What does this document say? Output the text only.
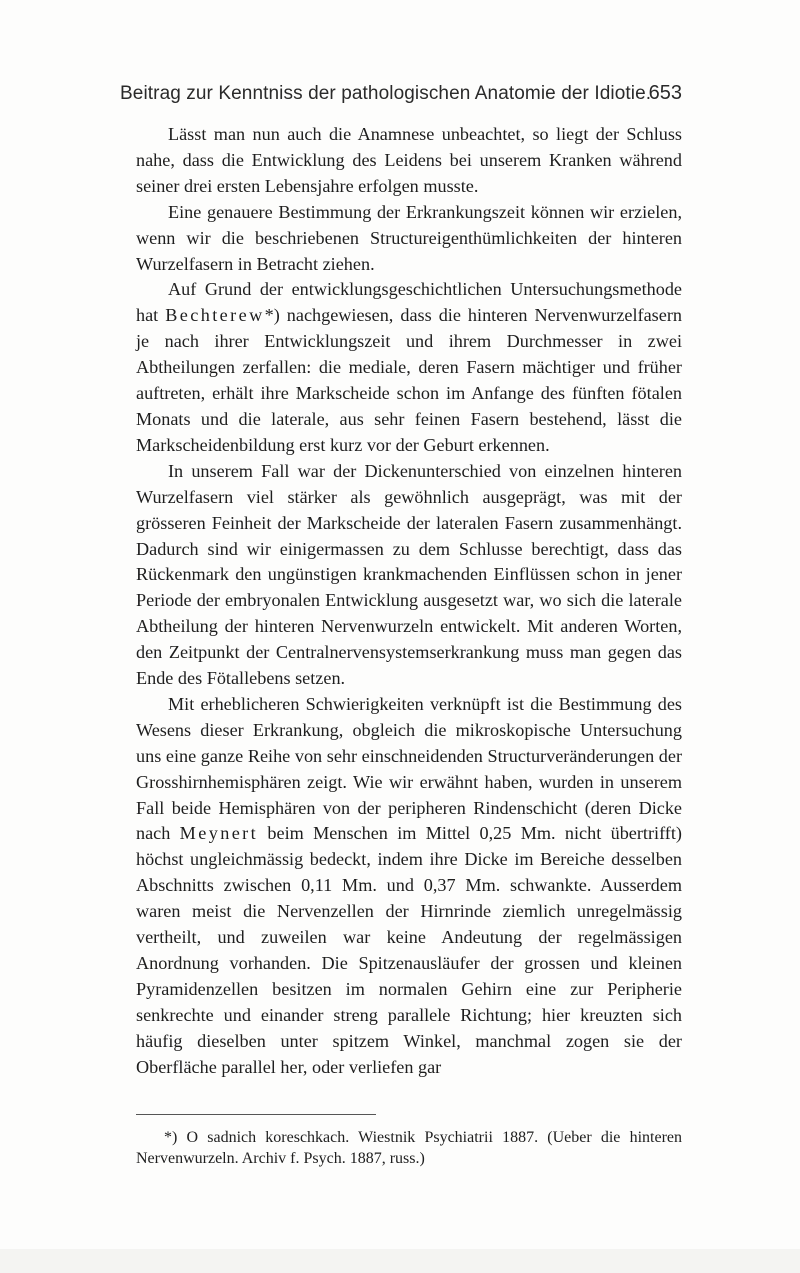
Beitrag zur Kenntniss der pathologischen Anatomie der Idiotie.
653

Lässt man nun auch die Anamnese unbeachtet, so liegt der Schluss nahe, dass die Entwicklung des Leidens bei unserem Kranken während seiner drei ersten Lebensjahre erfolgen musste.

Eine genauere Bestimmung der Erkrankungszeit können wir erzielen, wenn wir die beschriebenen Structureigenthümlichkeiten der hinteren Wurzelfasern in Betracht ziehen.

Auf Grund der entwicklungsgeschichtlichen Untersuchungsmethode hat Bechterew*) nachgewiesen, dass die hinteren Nervenwurzelfasern je nach ihrer Entwicklungszeit und ihrem Durchmesser in zwei Abtheilungen zerfallen: die mediale, deren Fasern mächtiger und früher auftreten, erhält ihre Markscheide schon im Anfange des fünften fötalen Monats und die laterale, aus sehr feinen Fasern bestehend, lässt die Markscheidenbildung erst kurz vor der Geburt erkennen.

In unserem Fall war der Dickenunterschied von einzelnen hinteren Wurzelfasern viel stärker als gewöhnlich ausgeprägt, was mit der grösseren Feinheit der Markscheide der lateralen Fasern zusammenhängt. Dadurch sind wir einigermassen zu dem Schlusse berechtigt, dass das Rückenmark den ungünstigen krankmachenden Einflüssen schon in jener Periode der embryonalen Entwicklung ausgesetzt war, wo sich die laterale Abtheilung der hinteren Nervenwurzeln entwickelt. Mit anderen Worten, den Zeitpunkt der Centralnervensystemserkrankung muss man gegen das Ende des Fötallebens setzen.

Mit erheblicheren Schwierigkeiten verknüpft ist die Bestimmung des Wesens dieser Erkrankung, obgleich die mikroskopische Untersuchung uns eine ganze Reihe von sehr einschneidenden Structurveränderungen der Grosshirnhemisphären zeigt. Wie wir erwähnt haben, wurden in unserem Fall beide Hemisphären von der peripheren Rindenschicht (deren Dicke nach Meynert beim Menschen im Mittel 0,25 Mm. nicht übertrifft) höchst ungleichmässig bedeckt, indem ihre Dicke im Bereiche desselben Abschnitts zwischen 0,11 Mm. und 0,37 Mm. schwankte. Ausserdem waren meist die Nervenzellen der Hirnrinde ziemlich unregelmässig vertheilt, und zuweilen war keine Andeutung der regelmässigen Anordnung vorhanden. Die Spitzenausläufer der grossen und kleinen Pyramidenzellen besitzen im normalen Gehirn eine zur Peripherie senkrechte und einander streng parallele Richtung; hier kreuzten sich häufig dieselben unter spitzem Winkel, manchmal zogen sie der Oberfläche parallel her, oder verliefen gar

*) O sadnich koreschkach. Wiestnik Psychiatrii 1887. (Ueber die hinteren Nervenwurzeln. Archiv f. Psych. 1887, russ.)
